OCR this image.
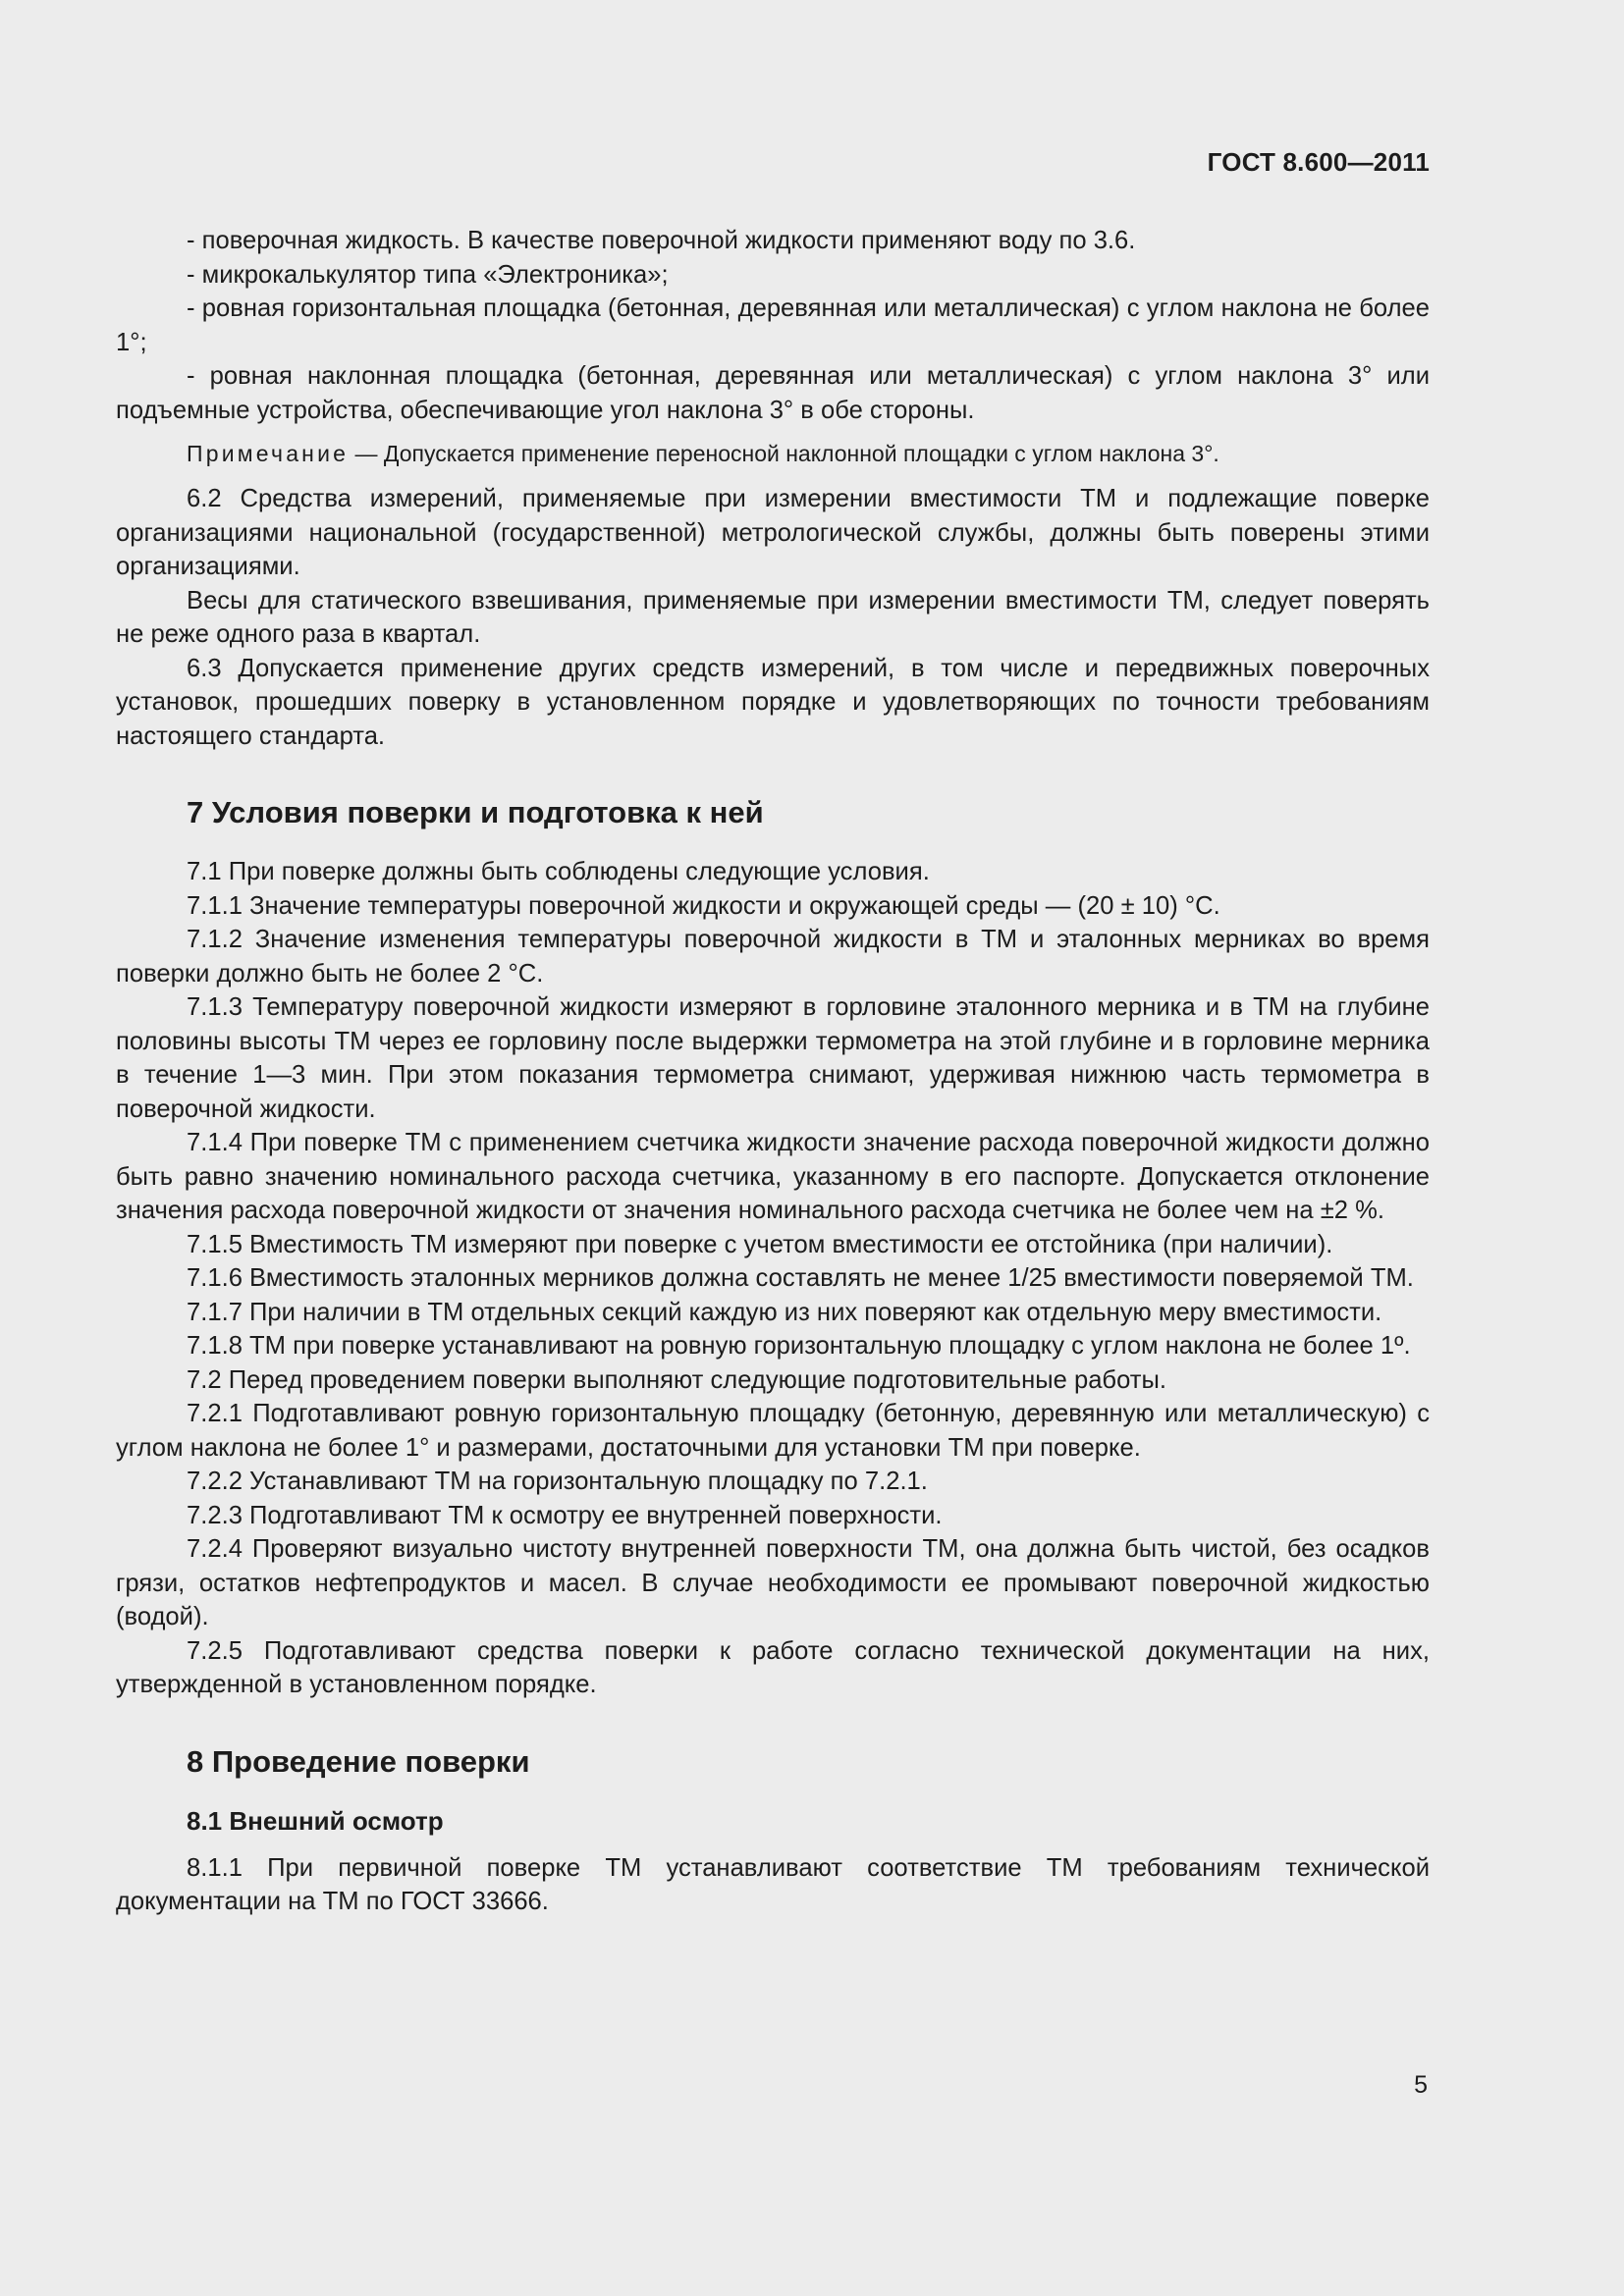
ГОСТ 8.600—2011

- поверочная жидкость. В качестве поверочной жидкости применяют воду по 3.6.

- микрокалькулятор типа «Электроника»;

- ровная горизонтальная площадка (бетонная, деревянная или металлическая) с углом наклона не более 1°;

- ровная наклонная площадка (бетонная, деревянная или металлическая) с углом наклона 3° или подъемные устройства, обеспечивающие угол наклона 3° в обе стороны.

Примечание — Допускается применение переносной наклонной площадки с углом наклона 3°.

6.2 Средства измерений, применяемые при измерении вместимости ТМ и подлежащие поверке организациями национальной (государственной) метрологической службы, должны быть поверены этими организациями.

Весы для статического взвешивания, применяемые при измерении вместимости ТМ, следует поверять не реже одного раза в квартал.

6.3 Допускается применение других средств измерений, в том числе и передвижных поверочных установок, прошедших поверку в установленном порядке и удовлетворяющих по точности требованиям настоящего стандарта.

7 Условия поверки и подготовка к ней

7.1 При поверке должны быть соблюдены следующие условия.

7.1.1 Значение температуры поверочной жидкости и окружающей среды — (20 ± 10) °С.

7.1.2 Значение изменения температуры поверочной жидкости в ТМ и эталонных мерниках во время поверки должно быть не более 2 °С.

7.1.3 Температуру поверочной жидкости измеряют в горловине эталонного мерника и в ТМ на глубине половины высоты ТМ через ее горловину после выдержки термометра на этой глубине и в горловине мерника в течение 1—3 мин. При этом показания термометра снимают, удерживая нижнюю часть термометра в поверочной жидкости.

7.1.4 При поверке ТМ с применением счетчика жидкости значение расхода поверочной жидкости должно быть равно значению номинального расхода счетчика, указанному в его паспорте. Допускается отклонение значения расхода поверочной жидкости от значения номинального расхода счетчика не более чем на ±2 %.

7.1.5 Вместимость ТМ измеряют при поверке с учетом вместимости ее отстойника (при наличии).

7.1.6 Вместимость эталонных мерников должна составлять не менее 1/25 вместимости поверяемой ТМ.

7.1.7 При наличии в ТМ отдельных секций каждую из них поверяют как отдельную меру вместимости.

7.1.8 ТМ при поверке устанавливают на ровную горизонтальную площадку с углом наклона не более 1º.

7.2 Перед проведением поверки выполняют следующие подготовительные работы.

7.2.1 Подготавливают ровную горизонтальную площадку (бетонную, деревянную или металлическую) с углом наклона не более 1° и размерами, достаточными для установки ТМ при поверке.

7.2.2 Устанавливают ТМ на горизонтальную площадку по 7.2.1.

7.2.3 Подготавливают ТМ к осмотру ее внутренней поверхности.

7.2.4 Проверяют визуально чистоту внутренней поверхности ТМ, она должна быть чистой, без осадков грязи, остатков нефтепродуктов и масел. В случае необходимости ее промывают поверочной жидкостью (водой).

7.2.5 Подготавливают средства поверки к работе согласно технической документации на них, утвержденной в установленном порядке.

8 Проведение поверки
8.1 Внешний осмотр

8.1.1 При первичной поверке ТМ устанавливают соответствие ТМ требованиям технической документации на ТМ по ГОСТ 33666.

5
